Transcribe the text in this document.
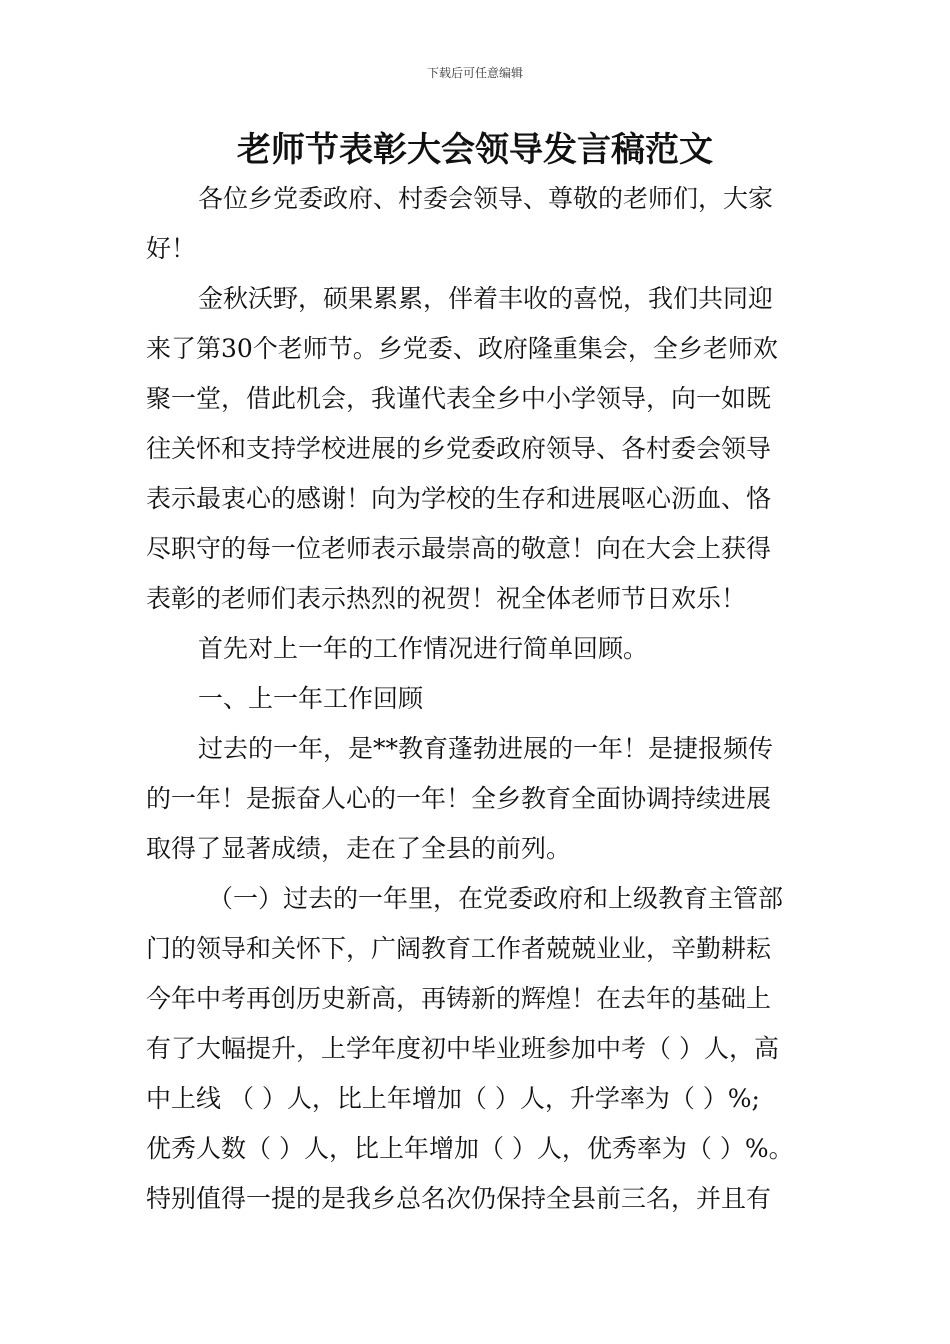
下载后可任意编辑
老师节表彰大会领导发言稿范文

各位乡党委政府、村委会领导、尊敬的老师们，大家

好！

金秋沃野，硕果累累，伴着丰收的喜悦，我们共同迎

来了第30个老师节。乡党委、政府隆重集会，全乡老师欢

聚一堂，借此机会，我谨代表全乡中小学领导，向一如既

往关怀和支持学校进展的乡党委政府领导、各村委会领导

表示最衷心的感谢！向为学校的生存和进展呕心沥血、恪

尽职守的每一位老师表示最崇高的敬意！向在大会上获得

表彰的老师们表示热烈的祝贺！祝全体老师节日欢乐！

首先对上一年的工作情况进行简单回顾。

一、上一年工作回顾

过去的一年，是**教育蓬勃进展的一年！是捷报频传

的一年！是振奋人心的一年！全乡教育全面协调持续进展

取得了显著成绩，走在了全县的前列。

（一）过去的一年里，在党委政府和上级教育主管部

门的领导和关怀下，广阔教育工作者兢兢业业，辛勤耕耘

今年中考再创历史新高，再铸新的辉煌！在去年的基础上

有了大幅提升，上学年度初中毕业班参加中考（ ）人，高

中上线 （ ）人，比上年增加（ ）人，升学率为（ ）%;

优秀人数（ ）人，比上年增加（ ）人，优秀率为（ ）%。

特别值得一提的是我乡总名次仍保持全县前三名，并且有
